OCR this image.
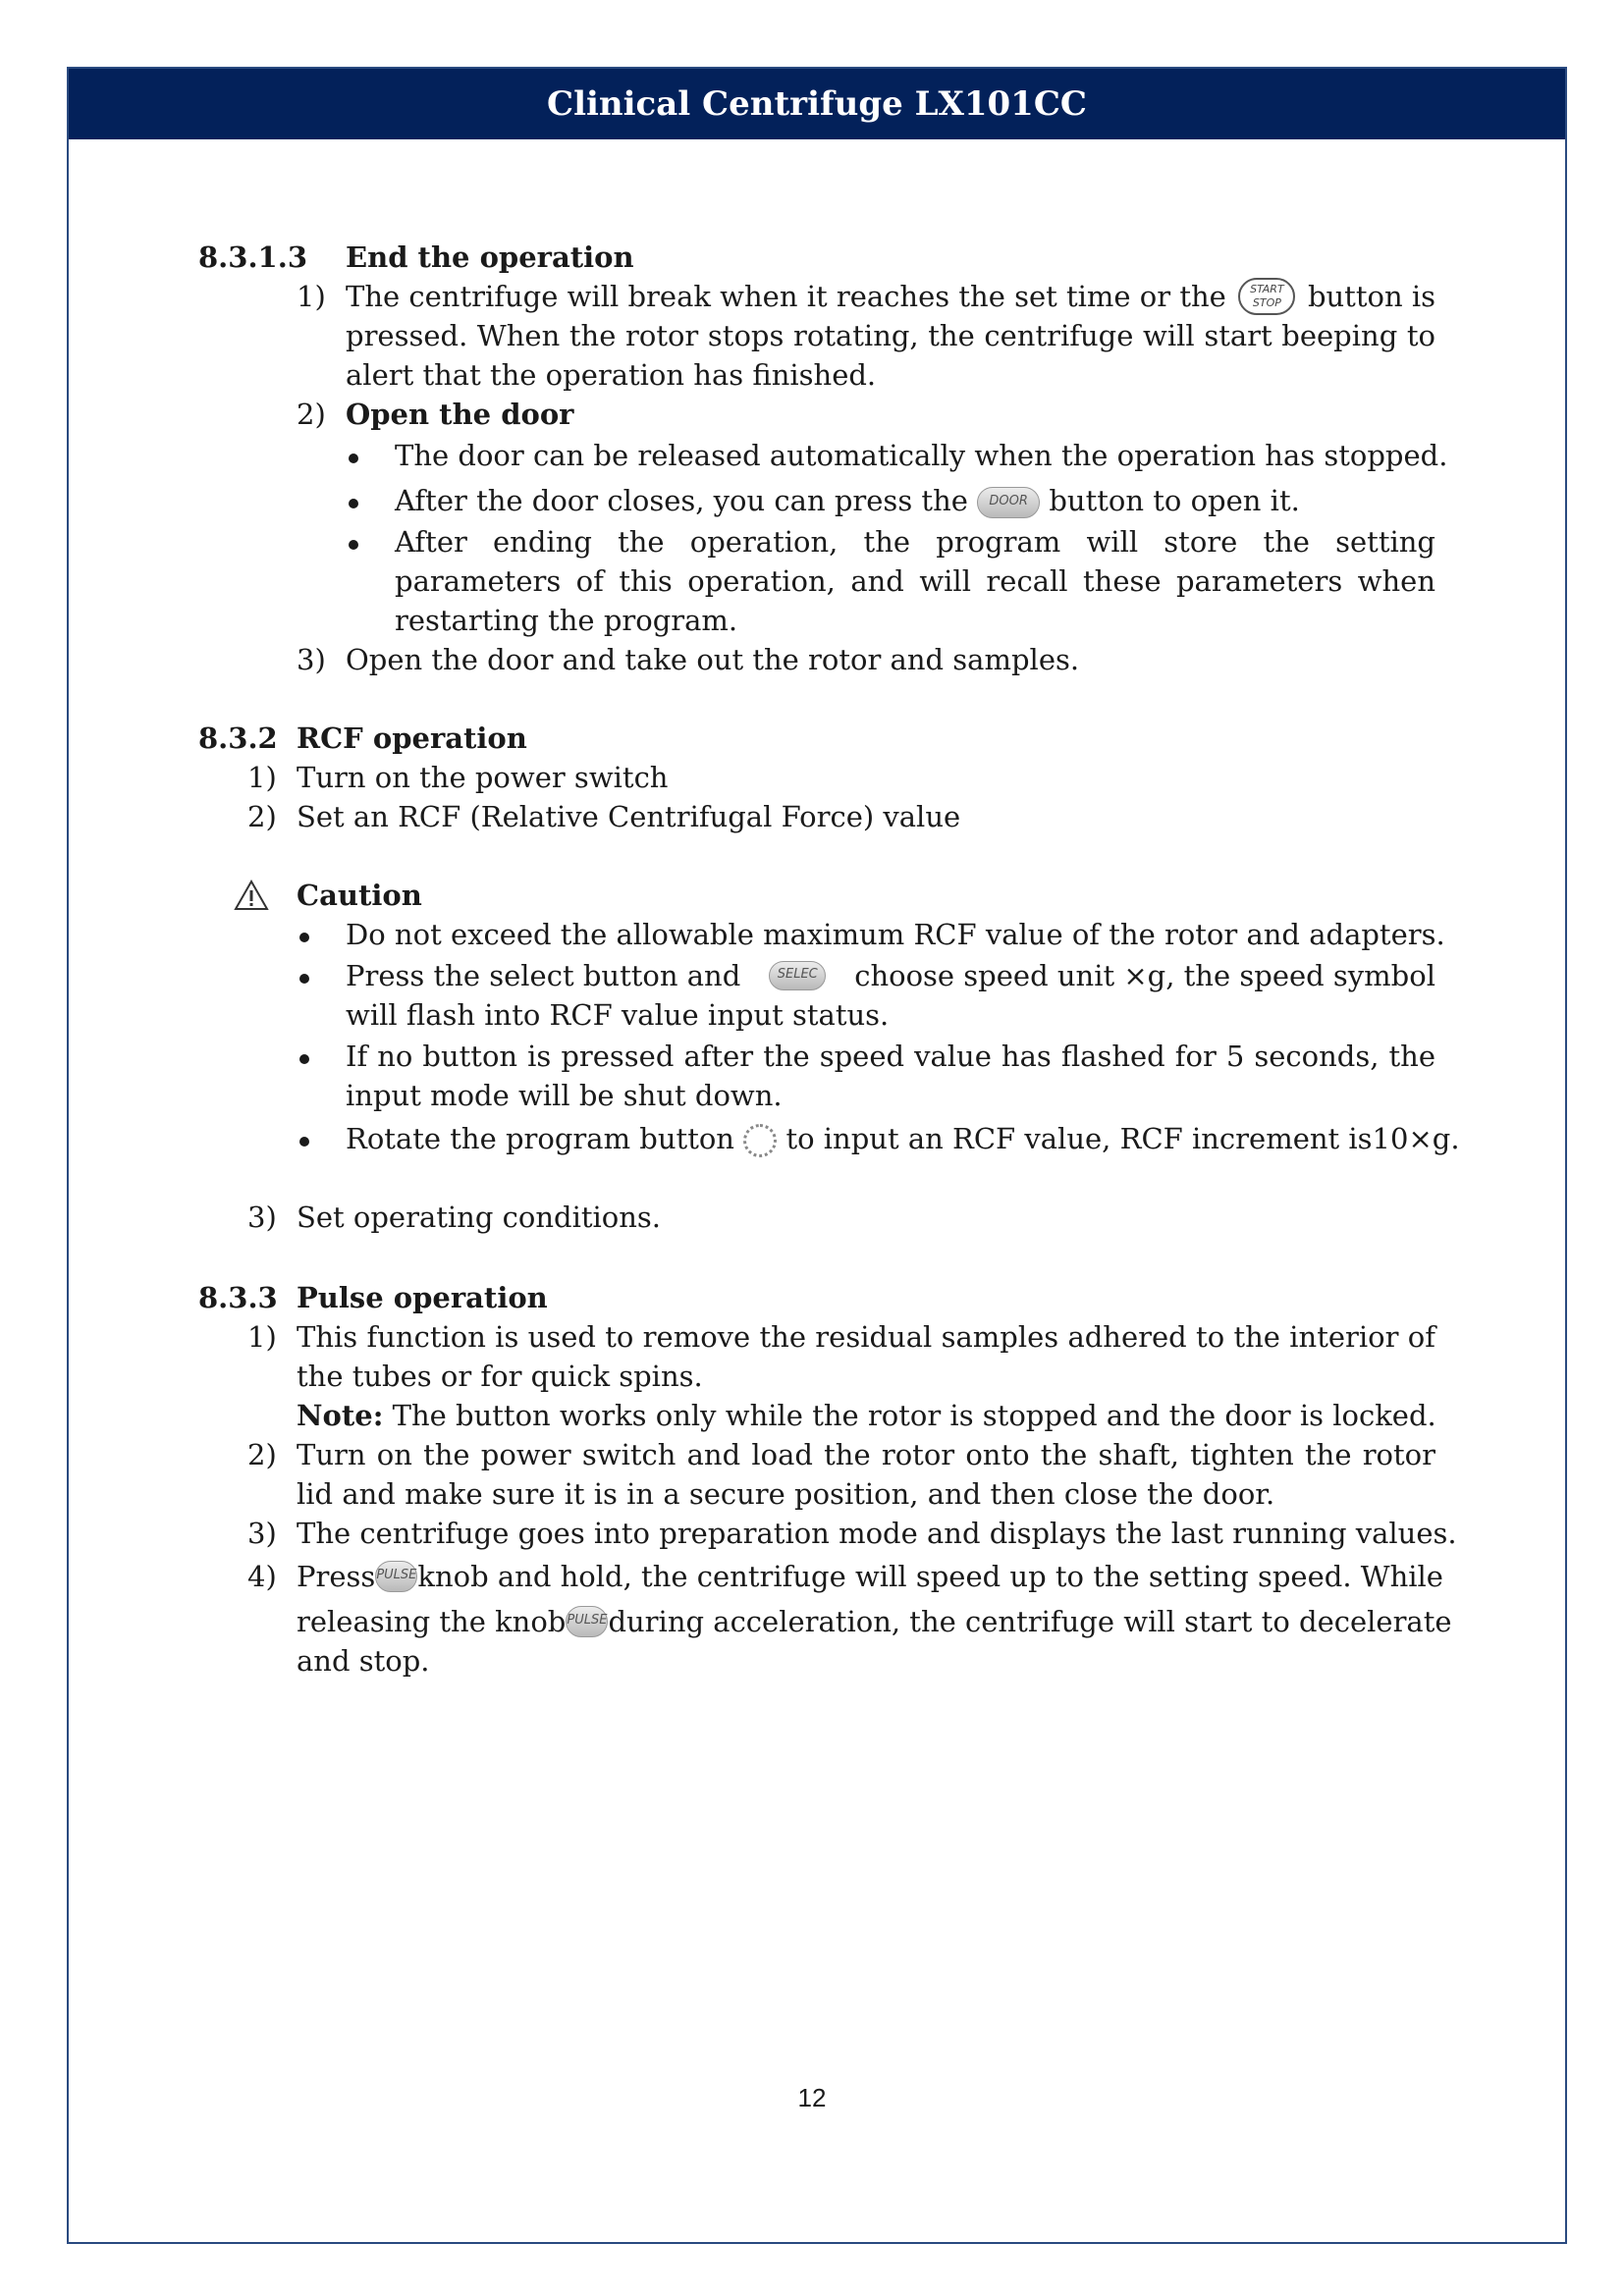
Clinical Centrifuge LX101CC
8.3.1.3 End the operation
1) The centrifuge will break when it reaches the set time or the	START
STOP button is
pressed. When the rotor stops rotating, the centrifuge will start beeping to
alert that the operation has finished.
2) Open the door
The door can be released automatically when the operation has stopped.
After the door closes, you can press the DOOR button to open it.
After ending the operation, the program will store the setting parameters of this operation, and will recall these parameters when restarting the program.
3) Open the door and take out the rotor and samples.
8.3.2 RCF operation
1) Turn on the power switch
2) Set an RCF (Relative Centrifugal Force) value
Caution
Do not exceed the allowable maximum RCF value of the rotor and adapters.
Press the select button and	SELEC choose speed unit ×g, the speed symbol
will flash into RCF value input status.
If no button is pressed after the speed value has flashed for 5 seconds, the input mode will be shut down.
Rotate the program button to input an RCF value, RCF increment is10×g.
3) Set operating conditions.
8.3.3 Pulse operation
1) This function is used to remove the residual samples adhered to the interior of the tubes or for quick spins.
Note: The button works only while the rotor is stopped and the door is locked.
2) Turn on the power switch and load the rotor onto the shaft, tighten the rotor lid and make sure it is in a secure position, and then close the door.
3) The centrifuge goes into preparation mode and displays the last running values.
4) Press PULSE knob and hold, the centrifuge will speed up to the setting speed. While
releasing the knob PULSE during acceleration, the centrifuge will start to decelerate
and stop.
12
